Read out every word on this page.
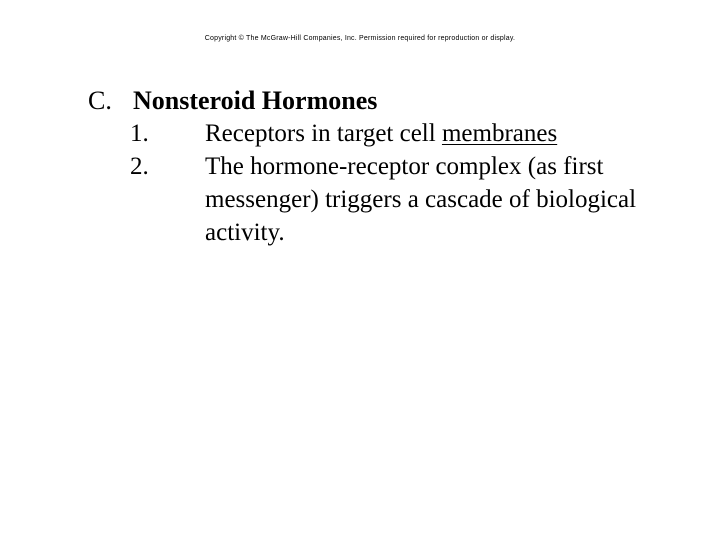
Copyright © The McGraw-Hill Companies, Inc. Permission required for reproduction or display.
C. Nonsteroid Hormones
1. Receptors in target cell membranes
2. The hormone-receptor complex (as first messenger) triggers a cascade of biological activity.
